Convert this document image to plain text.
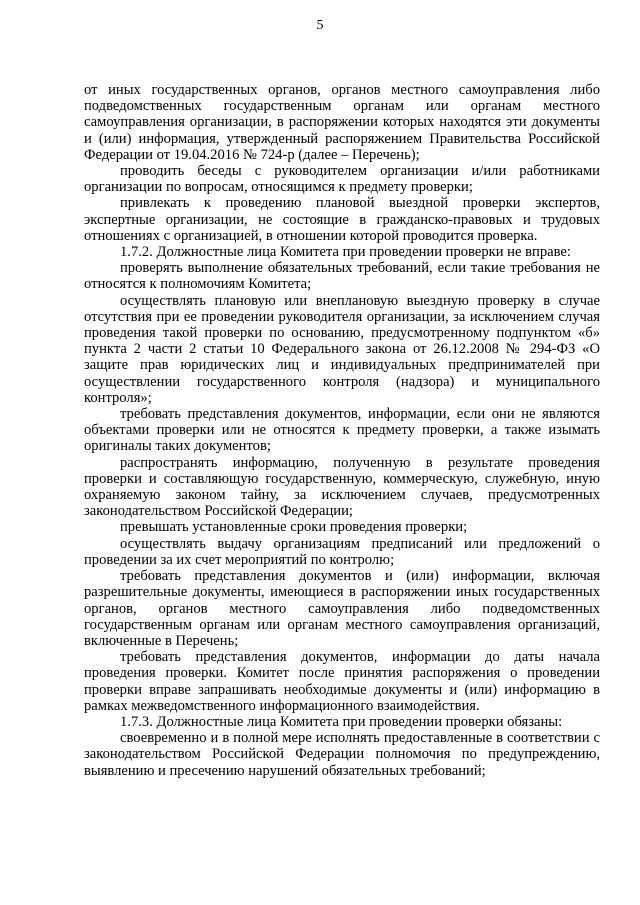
5

от иных государственных органов, органов местного самоуправления либо подведомственных государственным органам или органам местного самоуправления организации, в распоряжении которых находятся эти документы и (или) информация, утвержденный распоряжением Правительства Российской Федерации от 19.04.2016 № 724-р (далее – Перечень);

проводить беседы с руководителем организации и/или работниками организации по вопросам, относящимся к предмету проверки;

привлекать к проведению плановой выездной проверки экспертов, экспертные организации, не состоящие в гражданско-правовых и трудовых отношениях с организацией, в отношении которой проводится проверка.

1.7.2. Должностные лица Комитета при проведении проверки не вправе:

проверять выполнение обязательных требований, если такие требования не относятся к полномочиям Комитета;

осуществлять плановую или внеплановую выездную проверку в случае отсутствия при ее проведении руководителя организации, за исключением случая проведения такой проверки по основанию, предусмотренному подпунктом «б» пункта 2 части 2 статьи 10 Федерального закона от 26.12.2008 № 294-ФЗ «О защите прав юридических лиц и индивидуальных предпринимателей при осуществлении государственного контроля (надзора) и муниципального контроля»;

требовать представления документов, информации, если они не являются объектами проверки или не относятся к предмету проверки, а также изымать оригиналы таких документов;

распространять информацию, полученную в результате проведения проверки и составляющую государственную, коммерческую, служебную, иную охраняемую законом тайну, за исключением случаев, предусмотренных законодательством Российской Федерации;

превышать установленные сроки проведения проверки;

осуществлять выдачу организациям предписаний или предложений о проведении за их счет мероприятий по контролю;

требовать представления документов и (или) информации, включая разрешительные документы, имеющиеся в распоряжении иных государственных органов, органов местного самоуправления либо подведомственных государственным органам или органам местного самоуправления организаций, включенные в Перечень;

требовать представления документов, информации до даты начала проведения проверки. Комитет после принятия распоряжения о проведении проверки вправе запрашивать необходимые документы и (или) информацию в рамках межведомственного информационного взаимодействия.

1.7.3. Должностные лица Комитета при проведении проверки обязаны:

своевременно и в полной мере исполнять предоставленные в соответствии с законодательством Российской Федерации полномочия по предупреждению, выявлению и пресечению нарушений обязательных требований;
